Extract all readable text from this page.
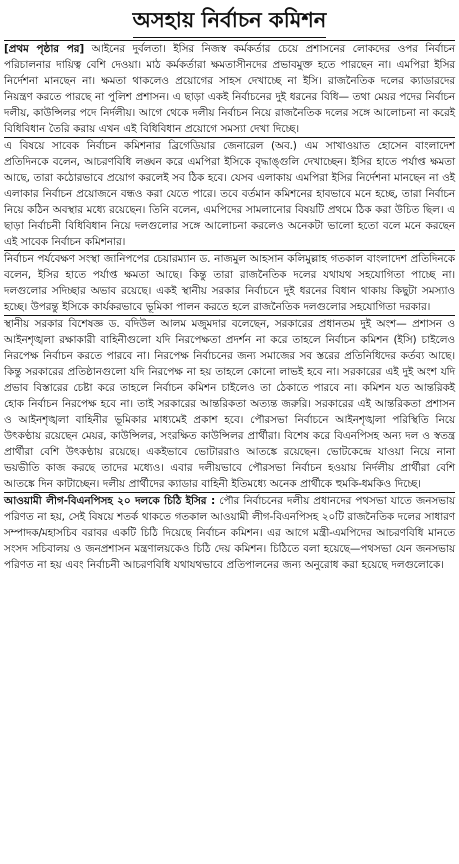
অসহায় নির্বাচন কমিশন

[প্রথম পৃষ্ঠার পর] আইনের দুর্বলতা। ইসির নিজস্ব কর্মকর্তার চেয়ে প্রশাসনের লোকদের ওপর নির্বাচন পরিচালনার দায়িত্ব বেশি দেওয়া। মাঠ কর্মকর্তারা ক্ষমতাসীনদের প্রভাবমুক্ত হতে পারছেন না। এমপিরা ইসির নির্দেশনা মানছেন না। ক্ষমতা থাকলেও প্রয়োগের সাহস দেখাচ্ছে না ইসি। রাজনৈতিক দলের ক্যাডারদের নিয়ন্ত্রণ করতে পারছে না পুলিশ প্রশাসন। এ ছাড়া একই নির্বাচনের দুই ধরনের বিধি— তথা মেয়র পদের নির্বাচন দলীয়, কাউন্সিলর পদে নির্দলীয়। আগে থেকে দলীয় নির্বাচন নিয়ে রাজনৈতিক দলের সঙ্গে আলোচনা না করেই বিধিবিধান তৈরি করায় এখন এই বিধিবিধান প্রয়োগে সমস্যা দেখা দিচ্ছে।

এ বিষয়ে সাবেক নির্বাচন কমিশনার ব্রিগেডিয়ার জেনারেল (অব.) এম সাখাওয়াত হোসেন বাংলাদেশ প্রতিদিনকে বলেন, আচরণবিধি লঙ্ঘন করে এমপিরা ইসিকে বৃদ্ধাঙ্গুলি দেখাচ্ছেন। ইসির হাতে পর্যাপ্ত ক্ষমতা আছে, তারা কঠোরভাবে প্রয়োগ করলেই সব ঠিক হবে। যেসব এলাকায় এমপিরা ইসির নির্দেশনা মানছেন না ওই এলাকার নির্বাচন প্রয়োজনে বন্ধও করা যেতে পারে। তবে বর্তমান কমিশনের হাবভাবে মনে হচ্ছে, তারা নির্বাচন নিয়ে কঠিন অবস্থার মধ্যে রয়েছেন। তিনি বলেন, এমপিদের সামলানোর বিষয়টি প্রথমে ঠিক করা উচিত ছিল। এ ছাড়া নির্বাচনী বিধিবিধান নিয়ে দলগুলোর সঙ্গে আলোচনা করলেও অনেকটা ভালো হতো বলে মনে করছেন এই সাবেক নির্বাচন কমিশনার।

নির্বাচন পর্যবেক্ষণ সংস্থা জানিপপের চেয়ারম্যান ড. নাজমুল আহসান কলিমুল্লাহ গতকাল বাংলাদেশ প্রতিদিনকে বলেন, ইসির হাতে পর্যাপ্ত ক্ষমতা আছে। কিন্তু তারা রাজনৈতিক দলের যথাযথ সহযোগিতা পাচ্ছে না। দলগুলোর সদিচ্ছার অভাব রয়েছে। একই স্থানীয় সরকার নির্বাচনে দুই ধরনের বিধান থাকায় কিছুটা সমস্যাও হচ্ছে। উপরন্তু ইসিকে কার্যকরভাবে ভূমিকা পালন করতে হলে রাজনৈতিক দলগুলোর সহযোগিতা দরকার।

স্থানীয় সরকার বিশেষজ্ঞ ড. বদিউল আলম মজুমদার বলেছেন, সরকারের প্রধানতম দুই অংশ— প্রশাসন ও আইনশৃঙ্খলা রক্ষাকারী বাহিনীগুলো যদি নিরপেক্ষতা প্রদর্শন না করে তাহলে নির্বাচন কমিশন (ইসি) চাইলেও নিরপেক্ষ নির্বাচন করতে পারবে না। নিরপেক্ষ নির্বাচনের জন্য সমাজের সব স্তরের প্রতিনিধিদের কর্তব্য আছে। কিন্তু সরকারের প্রতিষ্ঠানগুলো যদি নিরপেক্ষ না হয় তাহলে কোনো লাভই হবে না। সরকারের এই দুই অংশ যদি প্রভাব বিস্তারের চেষ্টা করে তাহলে নির্বাচন কমিশন চাইলেও তা ঠেকাতে পারবে না। কমিশন যত আন্তরিকই হোক নির্বাচন নিরপেক্ষ হবে না। তাই সরকারের আন্তরিকতা অত্যন্ত জরুরি। সরকারের এই আন্তরিকতা প্রশাসন ও আইনশৃঙ্খলা বাহিনীর ভূমিকার মাধ্যমেই প্রকাশ হবে। পৌরসভা নির্বাচনে আইনশৃঙ্খলা পরিস্থিতি নিয়ে উৎকণ্ঠায় রয়েছেন মেয়র, কাউন্সিলর, সংরক্ষিত কাউন্সিলর প্রার্থীরা। বিশেষ করে বিএনপিসহ অন্য দল ও স্বতন্ত্র প্রার্থীরা বেশি উৎকণ্ঠায় রয়েছে। একইভাবে ভোটাররাও আতঙ্কে রয়েছেন। ভোটকেন্দ্রে যাওয়া নিয়ে নানা ভয়ভীতি কাজ করছে তাদের মধ্যেও। এবার দলীয়ভাবে পৌরসভা নির্বাচন হওয়ায় নির্দলীয় প্রার্থীরা বেশি আতঙ্কে দিন কাটাচ্ছেন। দলীয় প্রার্থীদের ক্যাডার বাহিনী ইতিমধ্যে অনেক প্রার্থীকে হুমকি-ধমকিও দিচ্ছে।

আওয়ামী লীগ-বিএনপিসহ ২০ দলকে চিঠি ইসির : পৌর নির্বাচনের দলীয় প্রধানদের পথসভা যাতে জনসভায় পরিণত না হয়, সেই বিষয়ে শতর্ক থাকতে গতকাল আওয়ামী লীগ-বিএনপিসহ ২০টি রাজনৈতিক দলের সাধারণ সম্পাদক/মহাসচিব বরাবর একটি চিঠি দিয়েছে নির্বাচন কমিশন। এর আগে মন্ত্রী-এমপিদের আচরণবিধি মানতে সংসদ সচিবালয় ও জনপ্রশাসন মন্ত্রণালয়কেও চিঠি দেয় কমিশন। চিঠিতে বলা হয়েছে—পথসভা যেন জনসভায় পরিণত না হয় এবং নির্বাচনী আচরণবিধি যথাযথভাবে প্রতিপালনের জন্য অনুরোধ করা হয়েছে দলগুলোকে।
